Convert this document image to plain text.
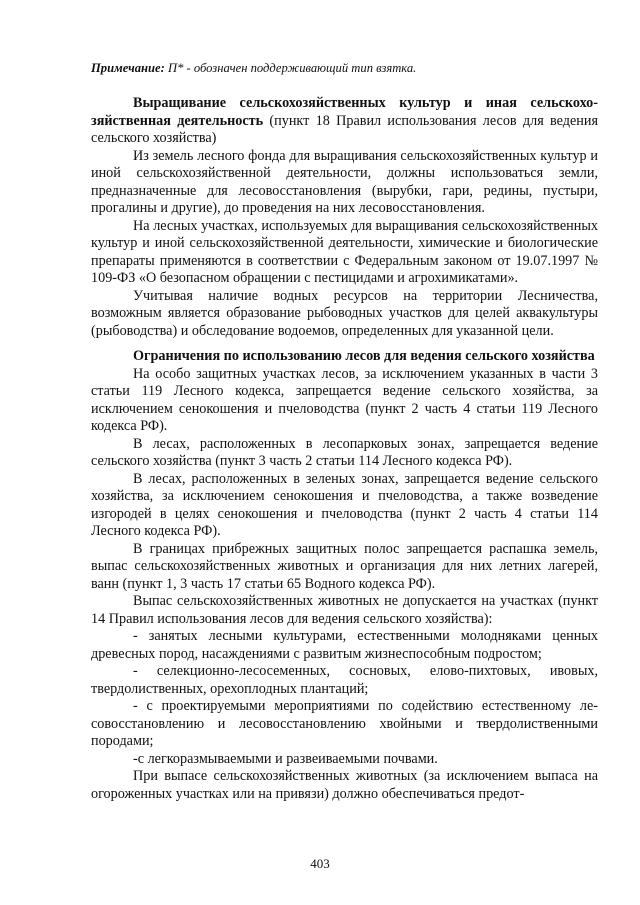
Примечание: П* - обозначен поддерживающий тип взятка.
Выращивание сельскохозяйственных культур и иная сельскохозяйственная деятельность (пункт 18 Правил использования лесов для ведения сельского хозяйства)

Из земель лесного фонда для выращивания сельскохозяйственных культур и иной сельскохозяйственной деятельности, должны использоваться земли, предназначенные для лесовосстановления (вырубки, гари, редины, пустыри, прогалины и другие), до проведения на них лесовосстановления.

На лесных участках, используемых для выращивания сельскохозяйственных культур и иной сельскохозяйственной деятельности, химические и биологические препараты применяются в соответствии с Федеральным законом от 19.07.1997 № 109-ФЗ «О безопасном обращении с пестицидами и агрохимикатами».

Учитывая наличие водных ресурсов на территории Лесничества, возможным является образование рыбоводных участков для целей аквакультуры (рыбоводства) и обследование водоемов, определенных для указанной цели.

Ограничения по использованию лесов для ведения сельского хозяйства

На особо защитных участках лесов, за исключением указанных в части 3 статьи 119 Лесного кодекса, запрещается ведение сельского хозяйства, за исключением сенокошения и пчеловодства (пункт 2 часть 4 статьи 119 Лесного кодекса РФ).

В лесах, расположенных в лесопарковых зонах, запрещается ведение сельского хозяйства (пункт 3 часть 2 статьи 114 Лесного кодекса РФ).

В лесах, расположенных в зеленых зонах, запрещается ведение сельского хозяйства, за исключением сенокошения и пчеловодства, а также возведение изгородей в целях сенокошения и пчеловодства (пункт 2 часть 4 статьи 114 Лесного кодекса РФ).

В границах прибрежных защитных полос запрещается распашка земель, выпас сельскохозяйственных животных и организация для них летних лагерей, ванн (пункт 1, 3 часть 17 статьи 65 Водного кодекса РФ).

Выпас сельскохозяйственных животных не допускается на участках (пункт 14 Правил использования лесов для ведения сельского хозяйства):

- занятых лесными культурами, естественными молодняками ценных древесных пород, насаждениями с развитым жизнеспособным подростом;

- селекционно-лесосеменных, сосновых, елово-пихтовых, ивовых, твердолиственных, орехоплодных плантаций;

- с проектируемыми мероприятиями по содействию естественному лесовосстановлению и лесовосстановлению хвойными и твердолиственными породами;

-с легкоразмываемыми и развеиваемыми почвами.

При выпасе сельскохозяйственных животных (за исключением выпаса на огороженных участках или на привязи) должно обеспечиваться предот-

403
